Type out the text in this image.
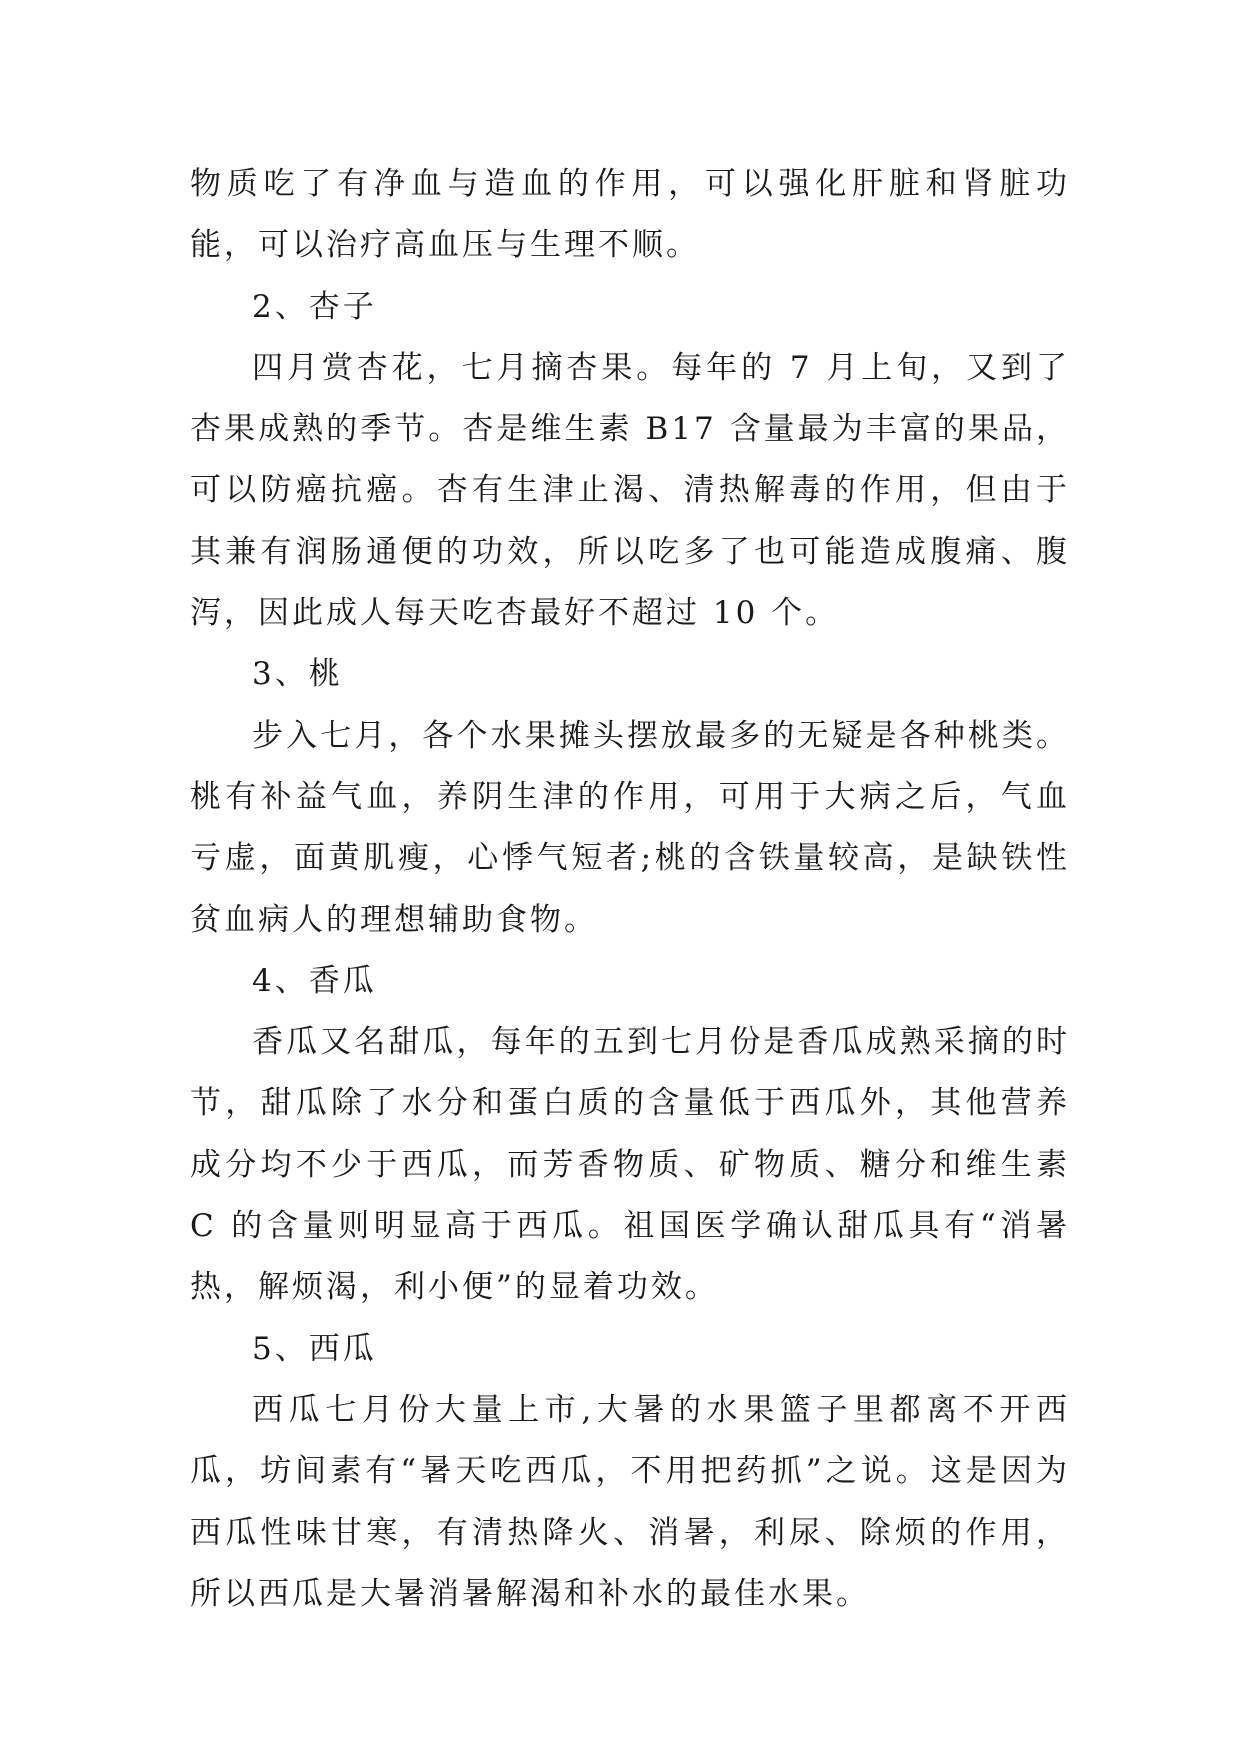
物质吃了有净血与造血的作用，可以强化肝脏和肾脏功能，可以治疗高血压与生理不顺。

2、杏子

四月赏杏花，七月摘杏果。每年的 7 月上旬，又到了杏果成熟的季节。杏是维生素 B17 含量最为丰富的果品，可以防癌抗癌。杏有生津止渴、清热解毒的作用，但由于其兼有润肠通便的功效，所以吃多了也可能造成腹痛、腹泻，因此成人每天吃杏最好不超过 10 个。

3、桃

步入七月，各个水果摊头摆放最多的无疑是各种桃类。桃有补益气血，养阴生津的作用，可用于大病之后，气血亏虚，面黄肌瘦，心悸气短者;桃的含铁量较高，是缺铁性贫血病人的理想辅助食物。

4、香瓜

香瓜又名甜瓜，每年的五到七月份是香瓜成熟采摘的时节，甜瓜除了水分和蛋白质的含量低于西瓜外，其他营养成分均不少于西瓜，而芳香物质、矿物质、糖分和维生素 C 的含量则明显高于西瓜。祖国医学确认甜瓜具有“消暑热，解烦渴，利小便”的显着功效。

5、西瓜

西瓜七月份大量上市,大暑的水果篮子里都离不开西瓜，坊间素有“暑天吃西瓜，不用把药抓”之说。这是因为西瓜性味甘寒，有清热降火、消暑，利尿、除烦的作用，所以西瓜是大暑消暑解渴和补水的最佳水果。
